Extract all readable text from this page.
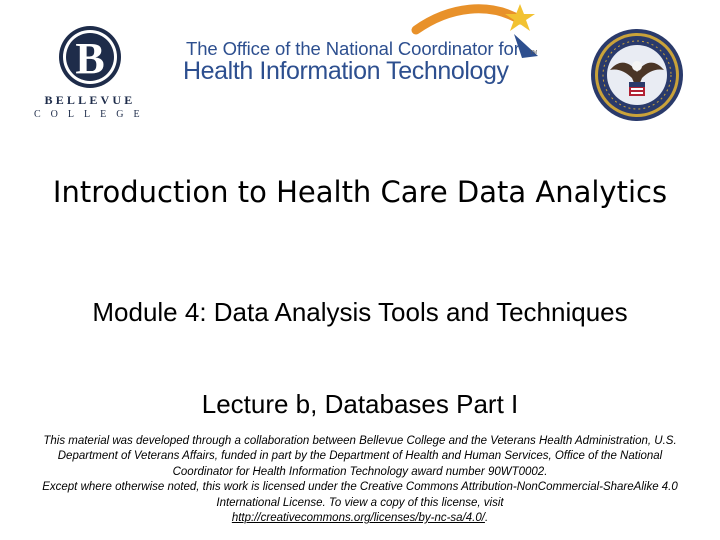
B
BELLEVUE
COLLEGE
The Office of the National Coordinator for
Health Information Technology
TM
Introduction to Health Care Data Analytics
Module 4: Data Analysis Tools and Techniques
Lecture b, Databases Part I

This material was developed through a collaboration between Bellevue College and the Veterans Health Administration, U.S. Department of Veterans Affairs, funded in part by the Department of Health and Human Services, Office of the National Coordinator for Health Information Technology award number 90WT0002.

Except where otherwise noted, this work is licensed under the Creative Commons Attribution-NonCommercial-ShareAlike 4.0 International License. To view a copy of this license, visit
http://creativecommons.org/licenses/by-nc-sa/4.0/.
